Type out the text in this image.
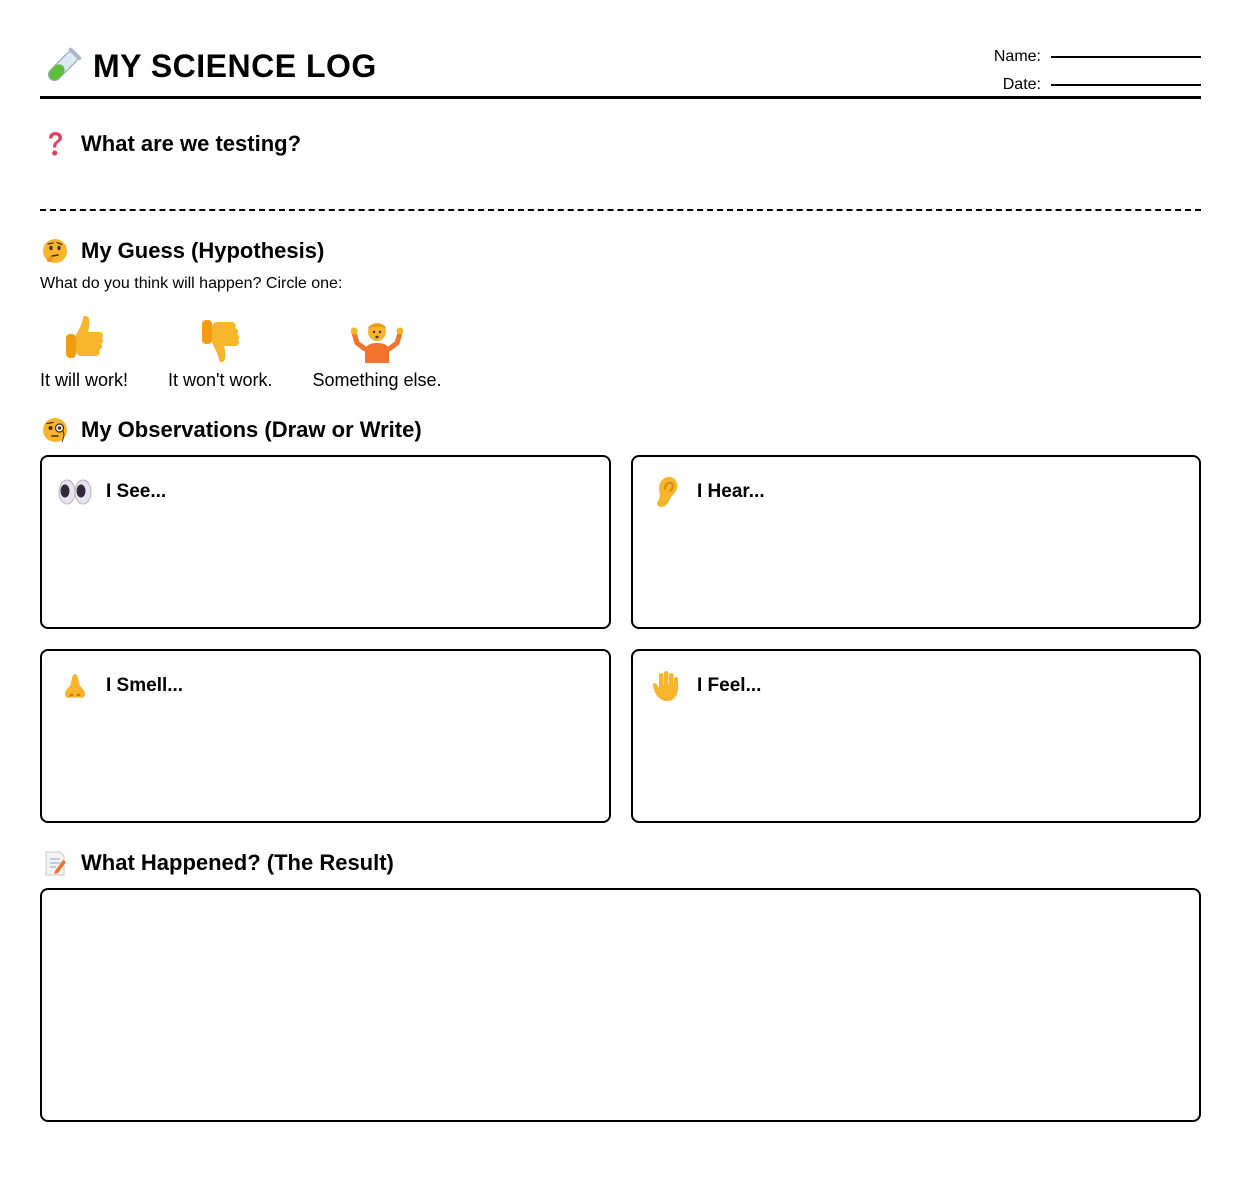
MY SCIENCE LOG	Name:
Date:
What are we testing?
My Guess (Hypothesis)
What do you think will happen? Circle one:
It will work! It won't work. Something else.
My Observations (Draw or Write)
I See...	I Hear...
I Smell...	I Feel...
What Happened? (The Result)
